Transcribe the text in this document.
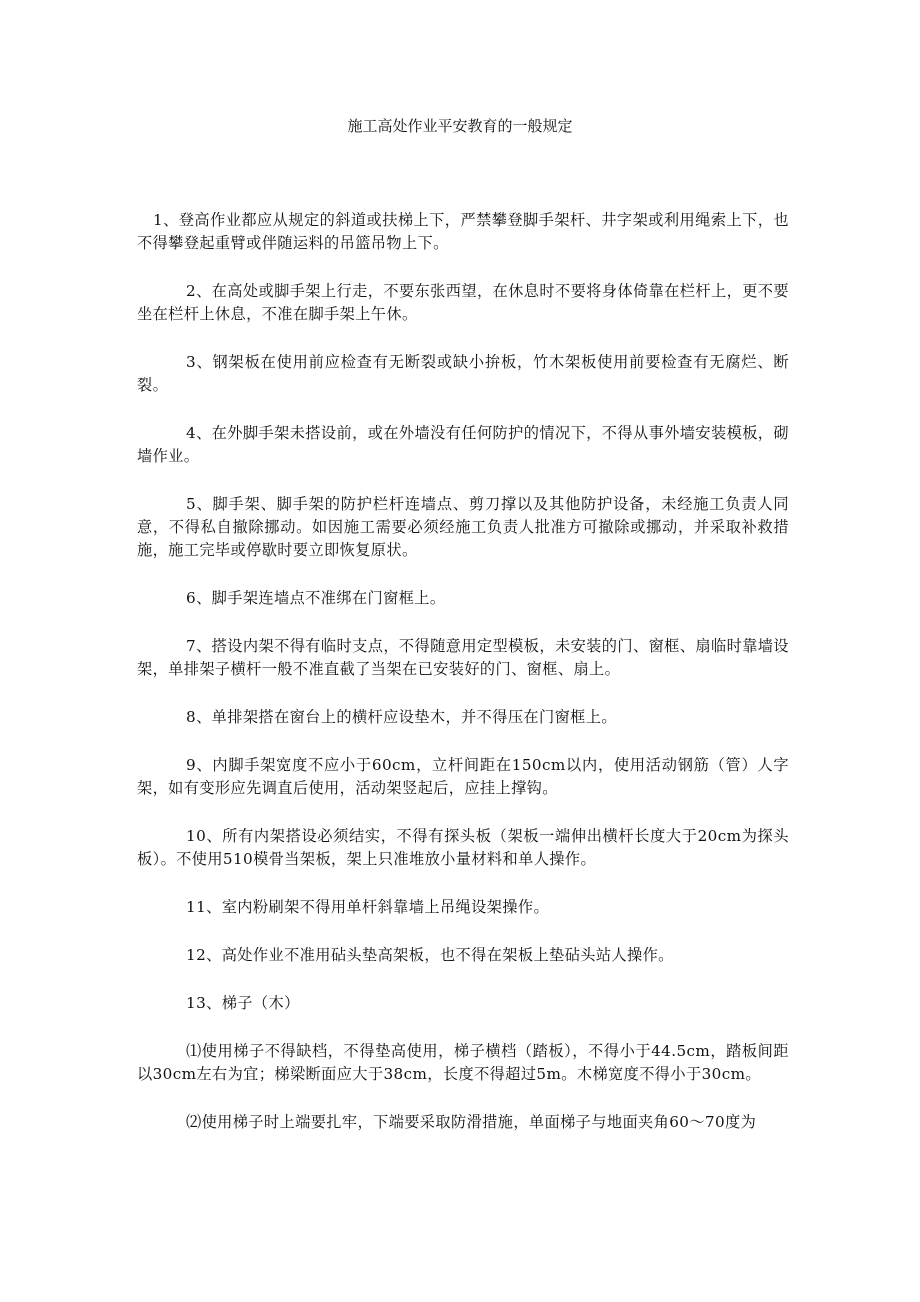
施工高处作业平安教育的一般规定

1、登高作业都应从规定的斜道或扶梯上下，严禁攀登脚手架杆、井字架或利用绳索上下，也不得攀登起重臂或伴随运料的吊篮吊物上下。

2、在高处或脚手架上行走，不要东张西望，在休息时不要将身体倚靠在栏杆上，更不要坐在栏杆上休息，不准在脚手架上午休。

3、钢架板在使用前应检查有无断裂或缺小拚板，竹木架板使用前要检查有无腐烂、断裂。

4、在外脚手架未搭设前，或在外墙没有任何防护的情况下，不得从事外墙安装模板，砌墙作业。

5、脚手架、脚手架的防护栏杆连墙点、剪刀撑以及其他防护设备，未经施工负责人同意，不得私自撤除挪动。如因施工需要必须经施工负责人批准方可撤除或挪动，并采取补救措施，施工完毕或停歇时要立即恢复原状。

6、脚手架连墙点不准绑在门窗框上。

7、搭设内架不得有临时支点，不得随意用定型模板，未安装的门、窗框、扇临时靠墙设架，单排架子横杆一般不准直截了当架在已安装好的门、窗框、扇上。

8、单排架搭在窗台上的横杆应设垫木，并不得压在门窗框上。

9、内脚手架宽度不应小于60cm，立杆间距在150cm以内，使用活动钢筋（管）人字架，如有变形应先调直后使用，活动架竖起后，应挂上撑钩。

10、所有内架搭设必须结实，不得有探头板（架板一端伸出横杆长度大于20cm为探头板）。不使用510模骨当架板，架上只准堆放小量材料和单人操作。

11、室内粉刷架不得用单杆斜靠墙上吊绳设架操作。

12、高处作业不准用砧头垫高架板，也不得在架板上垫砧头站人操作。

13、梯子（木）

⑴使用梯子不得缺档，不得垫高使用，梯子横档（踏板），不得小于44.5cm，踏板间距以30cm左右为宜；梯梁断面应大于38cm，长度不得超过5m。木梯宽度不得小于30cm。

⑵使用梯子时上端要扎牢，下端要采取防滑措施，单面梯子与地面夹角60～70度为
